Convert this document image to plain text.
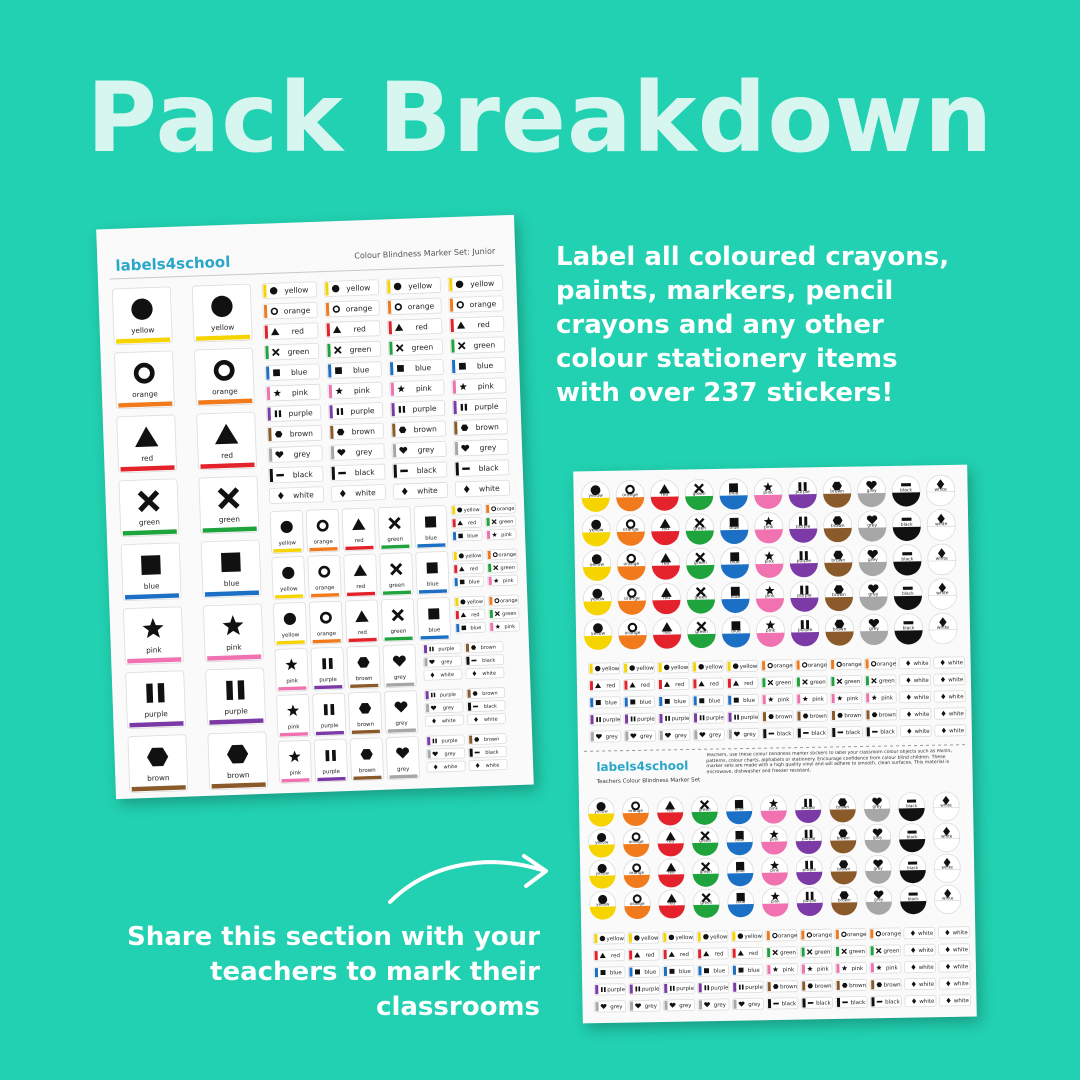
Pack Breakdown
labels4school	Colour Blindness Marker Set: Junior
yellow	yellow
orange	orange
red	red
green	green
blue	blue
pink	pink
purple	purple
brown	brown
yellow	yellow	yellow	yellow
orange	orange	orange	orange
red	red	red	red
green	green	green	green
blue	blue	blue	blue
pink	pink	pink	pink
purple	purple	purple	purple
brown	brown	brown	brown
grey	grey	grey	grey
black	black	black	black
white	white	white	white
yellow	orange	red	green	blue
yellow	orange
red	green
blue	pink
yellow	orange	red	green	blue
yellow	orange
red	green
blue	pink
yellow	orange	red	green	blue
yellow	orange
red	green
blue	pink
pink	purple	brown	grey
purple	brown
grey	black
white	white
pink	purple	brown	grey
purple	brown
grey	black
white	white
pink	purple	brown	grey
purple	brown
grey	black
white	white
yellow	orange	red	green	blue	pink	purple	brown	grey	black	white
yellow	orange	red	green	blue	pink	purple	brown	grey	black	white
yellow	orange	red	green	blue	pink	purple	brown	grey	black	white
yellow	orange	red	green	blue	pink	purple	brown	grey	black	white
yellow	orange	red	green	blue	pink	purple	brown	grey	black	white
yellow	yellow	yellow	yellow	yellow	orange	orange	orange	orange	white	white
red	red	red	red	red	green	green	green	green	white	white
blue	blue	blue	blue	blue	pink	pink	pink	pink	white	white
purple	purple	purple	purple	purple	brown	brown	brown	brown	white	white
grey	grey	grey	grey	grey	black	black	black	black	white	white
labels4school
Teachers Colour Blindness Marker Set
Teachers, use these colour blindness marker stickers to label your classroom colour objects such as Paints, patterns, colour charts, alphabets or stationery. Encourage confidence from colour blind children. These marker sets are made with a high quality vinyl and will adhere to smooth, clean surfaces. This material is microwave, dishwasher and freezer resistant.
yellow	orange	red	green	blue	pink	purple	brown	grey	black	white
yellow	orange	red	green	blue	pink	purple	brown	grey	black	white
yellow	orange	red	green	blue	pink	purple	brown	grey	black	white
yellow	orange	red	green	blue	pink	purple	brown	grey	black	white
yellow	yellow	yellow	yellow	yellow	orange	orange	orange	orange	white	white
red	red	red	red	red	green	green	green	green	white	white
blue	blue	blue	blue	blue	pink	pink	pink	pink	white	white
purple	purple	purple	purple	purple	brown	brown	brown	brown	white	white
grey	grey	grey	grey	grey	black	black	black	black	white	white
Label all coloured crayons,
paints, markers, pencil
crayons and any other
colour stationery items
with over 237 stickers!
Share this section with your
teachers to mark their
classrooms
